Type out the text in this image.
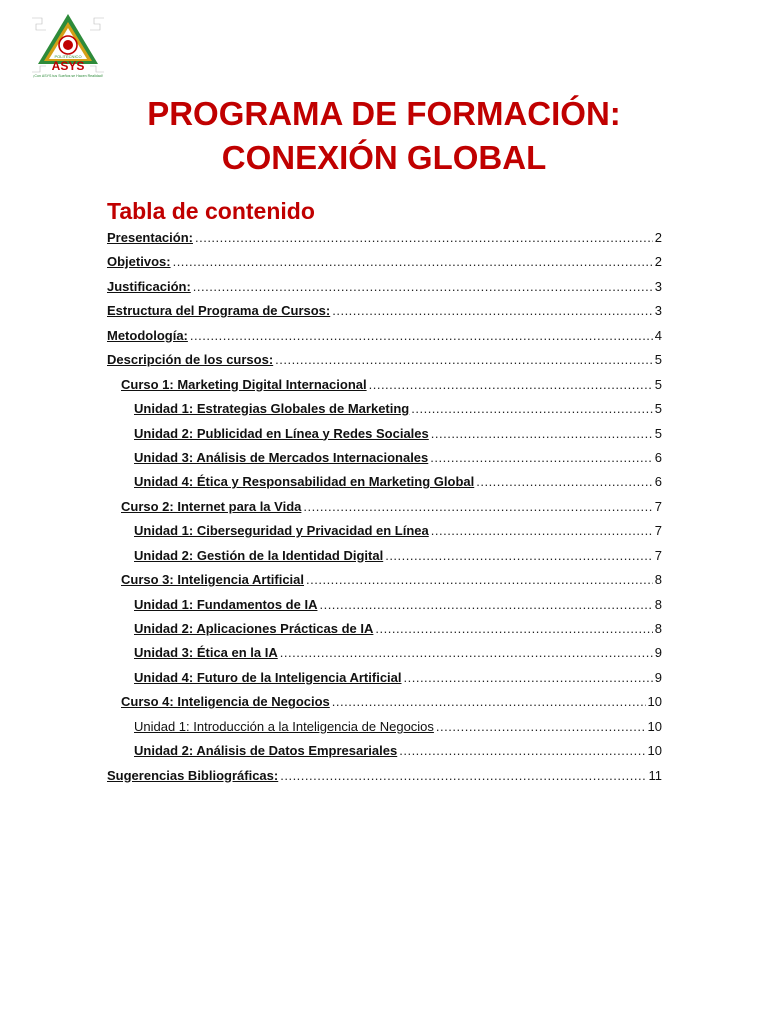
POLITÉCNICO
ASYS
¡Con ASYS tus Sueños se Hacen Realidad!
PROGRAMA DE FORMACIÓN:
CONEXIÓN GLOBAL
Tabla de contenido
Presentación: .....	2
Objetivos: .....	2
Justificación: .....	3
Estructura del Programa de Cursos: .....	3
Metodología: .....	4
Descripción de los cursos: .....	5
Curso 1: Marketing Digital Internacional .....	5
Unidad 1: Estrategias Globales de Marketing .....	5
Unidad 2: Publicidad en Línea y Redes Sociales .....	5
Unidad 3: Análisis de Mercados Internacionales .....	6
Unidad 4: Ética y Responsabilidad en Marketing Global .....	6
Curso 2: Internet para la Vida .....	7
Unidad 1: Ciberseguridad y Privacidad en Línea .....	7
Unidad 2: Gestión de la Identidad Digital .....	7
Curso 3: Inteligencia Artificial .....	8
Unidad 1: Fundamentos de IA .....	8
Unidad 2: Aplicaciones Prácticas de IA .....	8
Unidad 3: Ética en la IA .....	9
Unidad 4: Futuro de la Inteligencia Artificial .....	9
Curso 4: Inteligencia de Negocios .....	10
Unidad 1: Introducción a la Inteligencia de Negocios .....	10
Unidad 2: Análisis de Datos Empresariales .....	10
Sugerencias Bibliográficas: .....	11
